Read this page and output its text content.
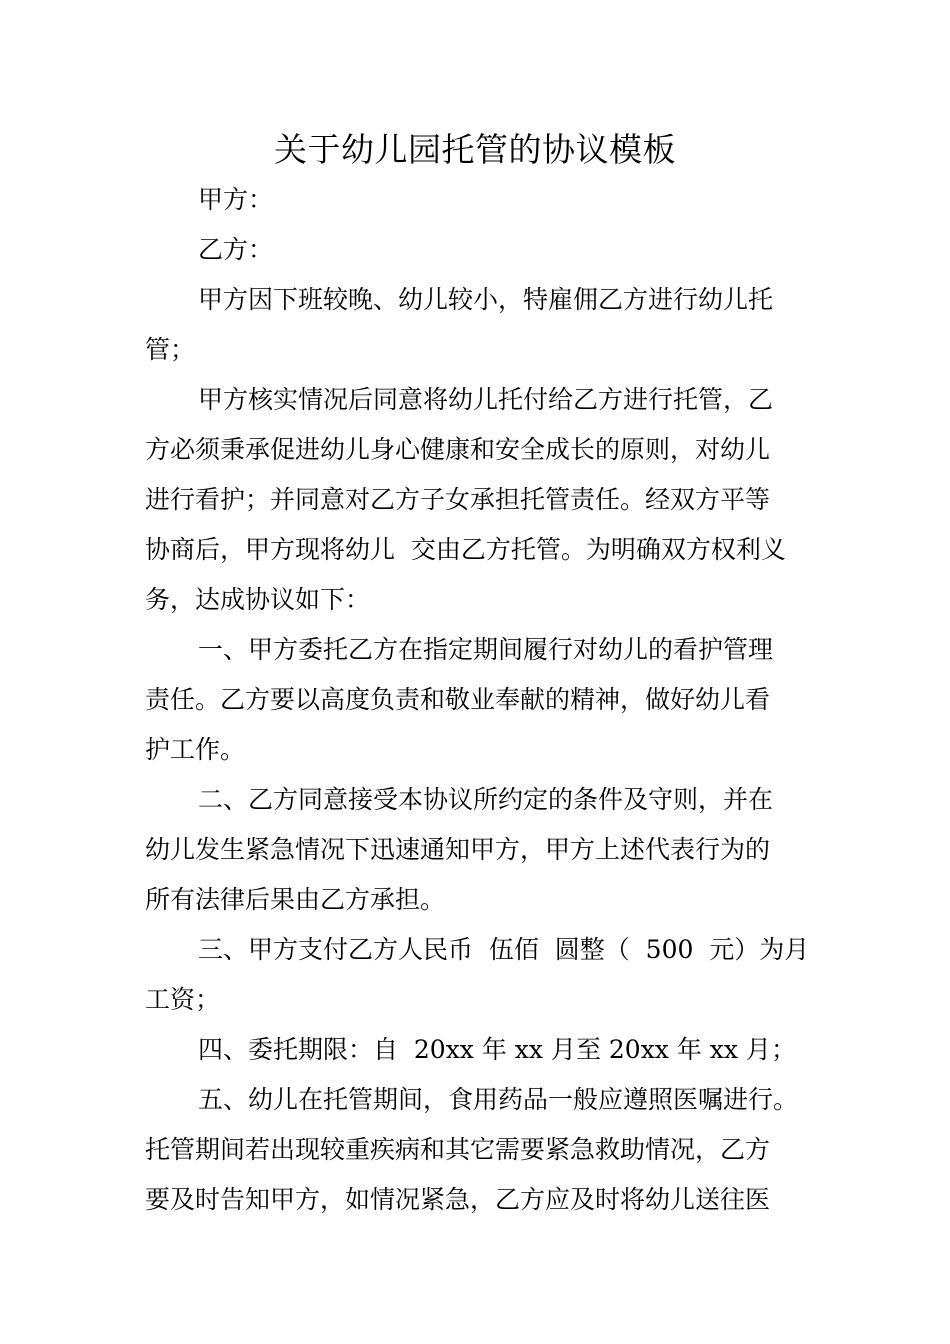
关于幼儿园托管的协议模板

甲方：

乙方：

甲方因下班较晚、幼儿较小，特雇佣乙方进行幼儿托

管；

甲方核实情况后同意将幼儿托付给乙方进行托管，乙

方必须秉承促进幼儿身心健康和安全成长的原则，对幼儿

进行看护；并同意对乙方子女承担托管责任。经双方平等

协商后，甲方现将幼儿  交由乙方托管。为明确双方权利义

务，达成协议如下：

一、甲方委托乙方在指定期间履行对幼儿的看护管理

责任。乙方要以高度负责和敬业奉献的精神，做好幼儿看

护工作。

二、乙方同意接受本协议所约定的条件及守则，并在

幼儿发生紧急情况下迅速通知甲方，甲方上述代表行为的

所有法律后果由乙方承担。

三、甲方支付乙方人民币  伍佰  圆整（  500  元）为月

工资；

四、委托期限：自  20xx 年 xx 月至 20xx 年 xx 月；

五、幼儿在托管期间，食用药品一般应遵照医嘱进行。

托管期间若出现较重疾病和其它需要紧急救助情况，乙方

要及时告知甲方，如情况紧急，乙方应及时将幼儿送往医
